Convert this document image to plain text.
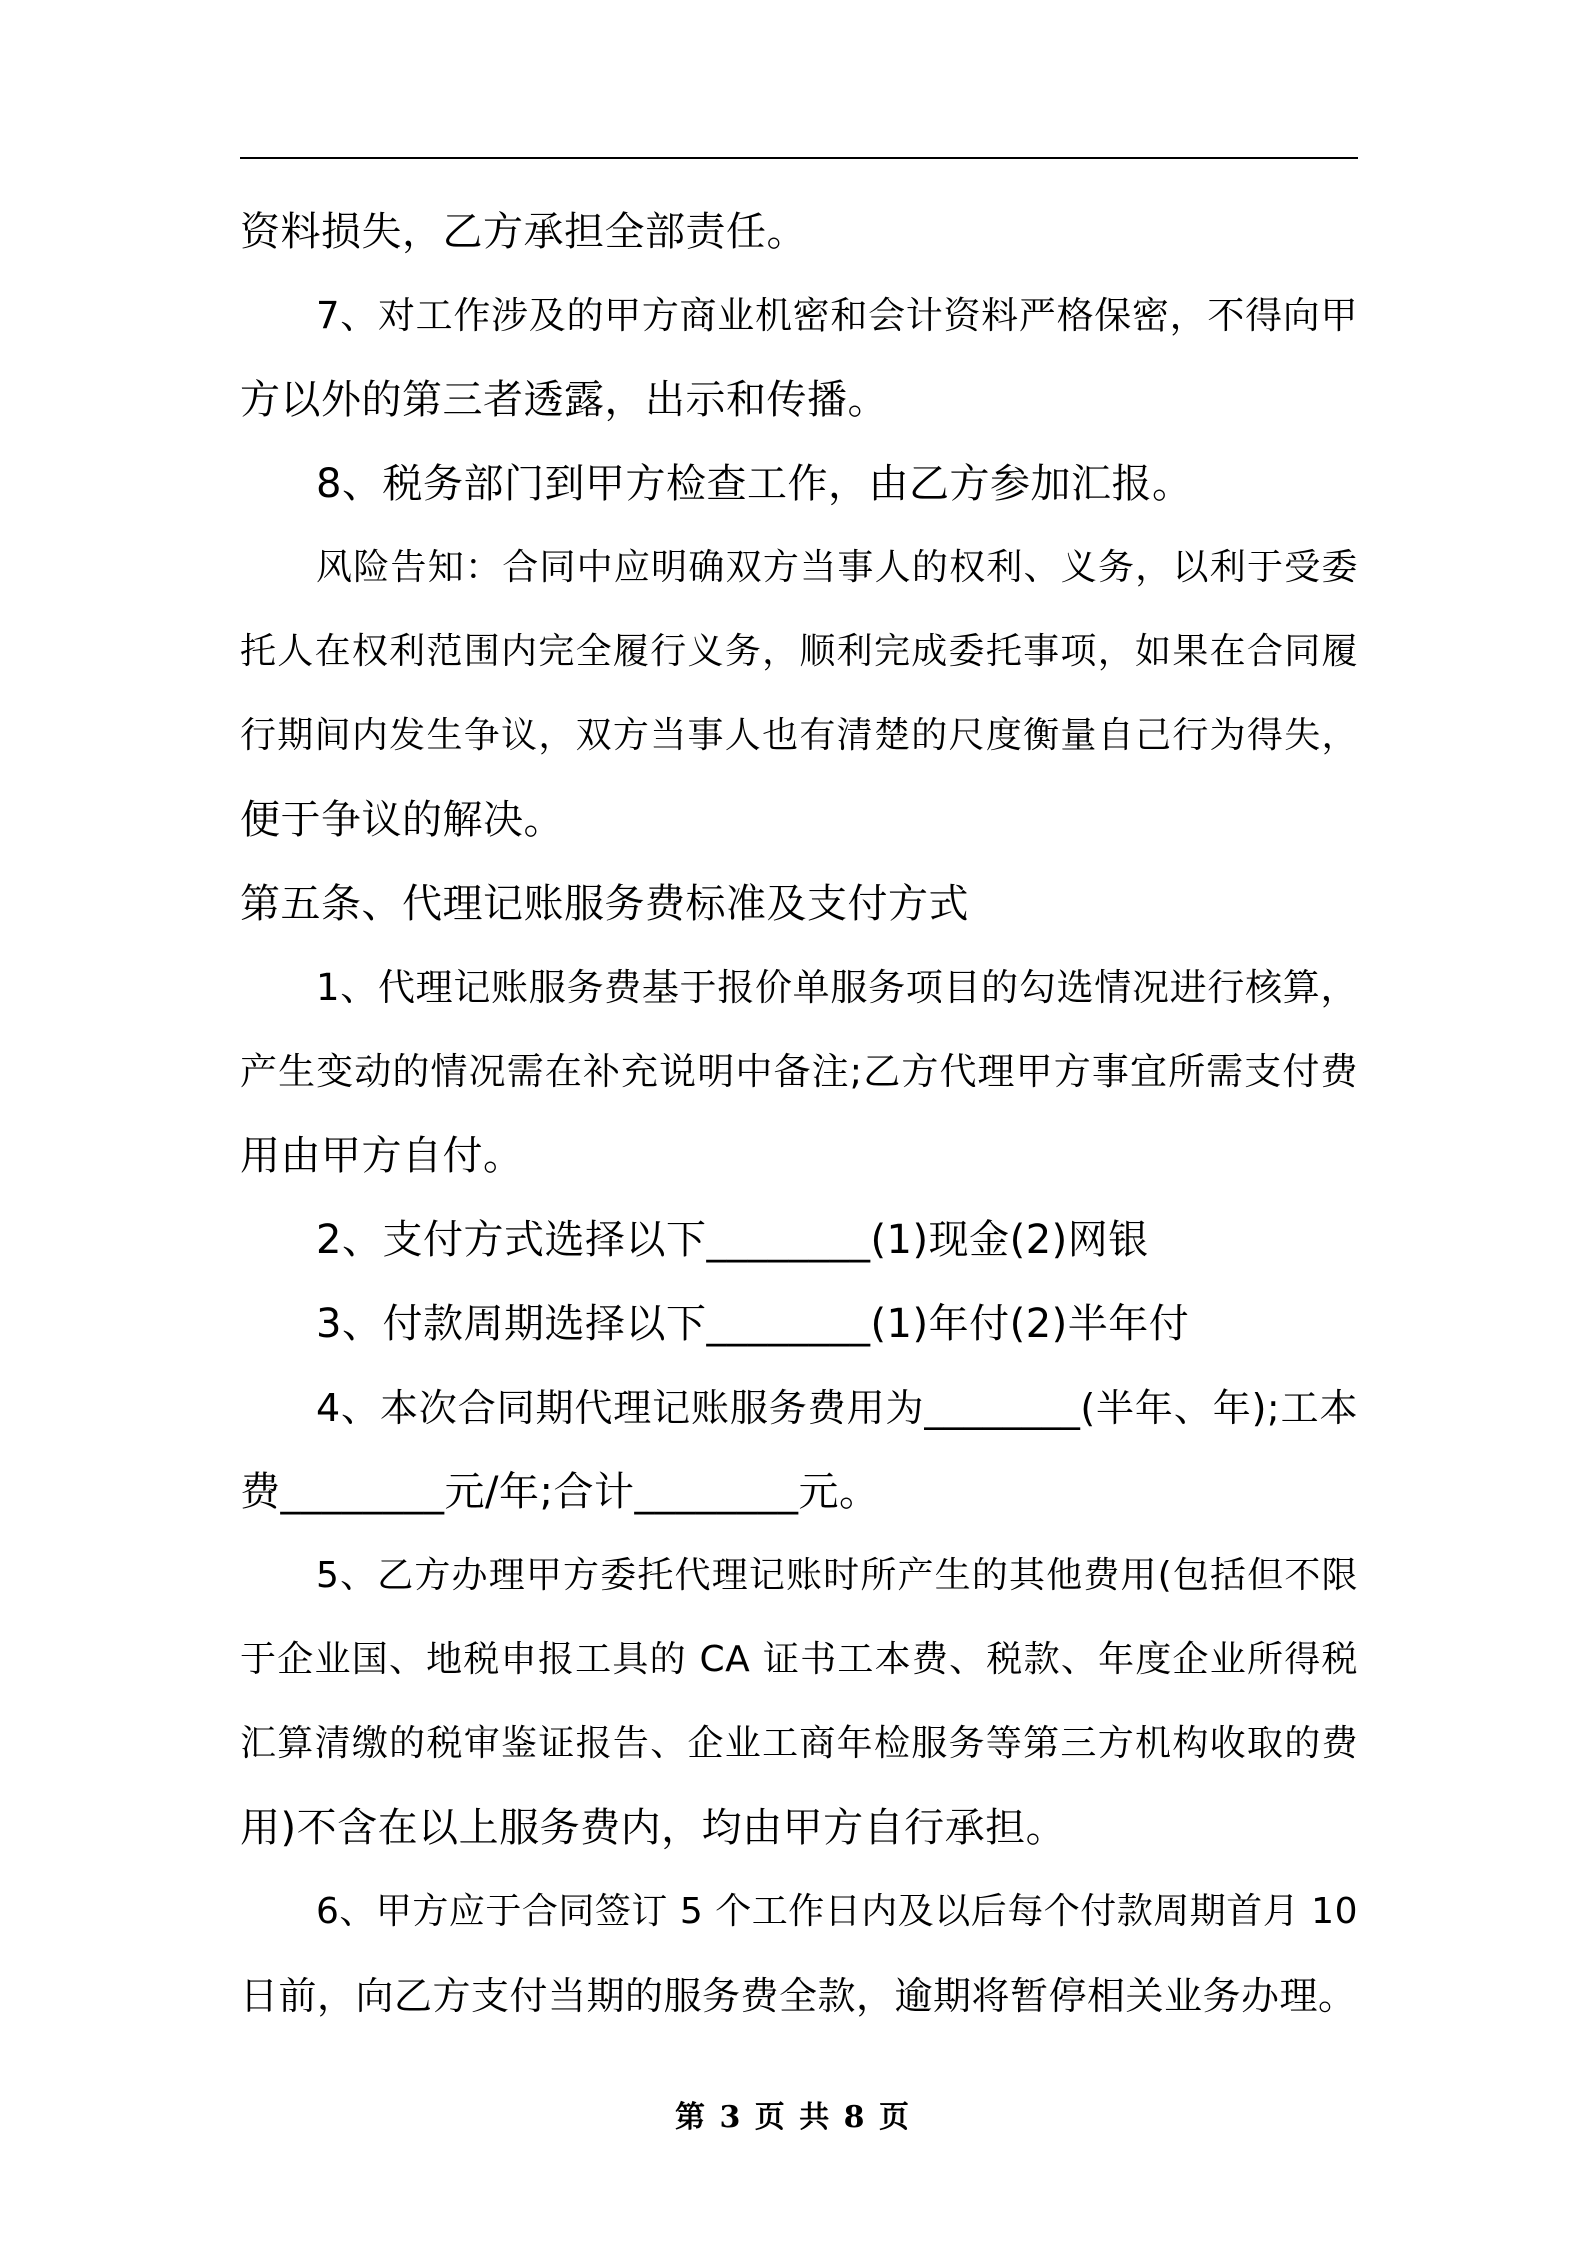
资料损失，乙方承担全部责任。
7、对工作涉及的甲方商业机密和会计资料严格保密，不得向甲
方以外的第三者透露，出示和传播。
8、税务部门到甲方检查工作，由乙方参加汇报。
风险告知：合同中应明确双方当事人的权利、义务，以利于受委
托人在权利范围内完全履行义务，顺利完成委托事项，如果在合同履
行期间内发生争议，双方当事人也有清楚的尺度衡量自己行为得失，
便于争议的解决。
第五条、代理记账服务费标准及支付方式
1、代理记账服务费基于报价单服务项目的勾选情况进行核算，
产生变动的情况需在补充说明中备注;乙方代理甲方事宜所需支付费
用由甲方自付。
2、支付方式选择以下________(1)现金(2)网银
3、付款周期选择以下________(1)年付(2)半年付
4、本次合同期代理记账服务费用为________(半年、年);工本
费________元/年;合计________元。
5、乙方办理甲方委托代理记账时所产生的其他费用(包括但不限
于企业国、地税申报工具的 CA 证书工本费、税款、年度企业所得税
汇算清缴的税审鉴证报告、企业工商年检服务等第三方机构收取的费
用)不含在以上服务费内，均由甲方自行承担。
6、甲方应于合同签订 5 个工作日内及以后每个付款周期首月 10
日前，向乙方支付当期的服务费全款，逾期将暂停相关业务办理。
第 3 页 共 8 页
